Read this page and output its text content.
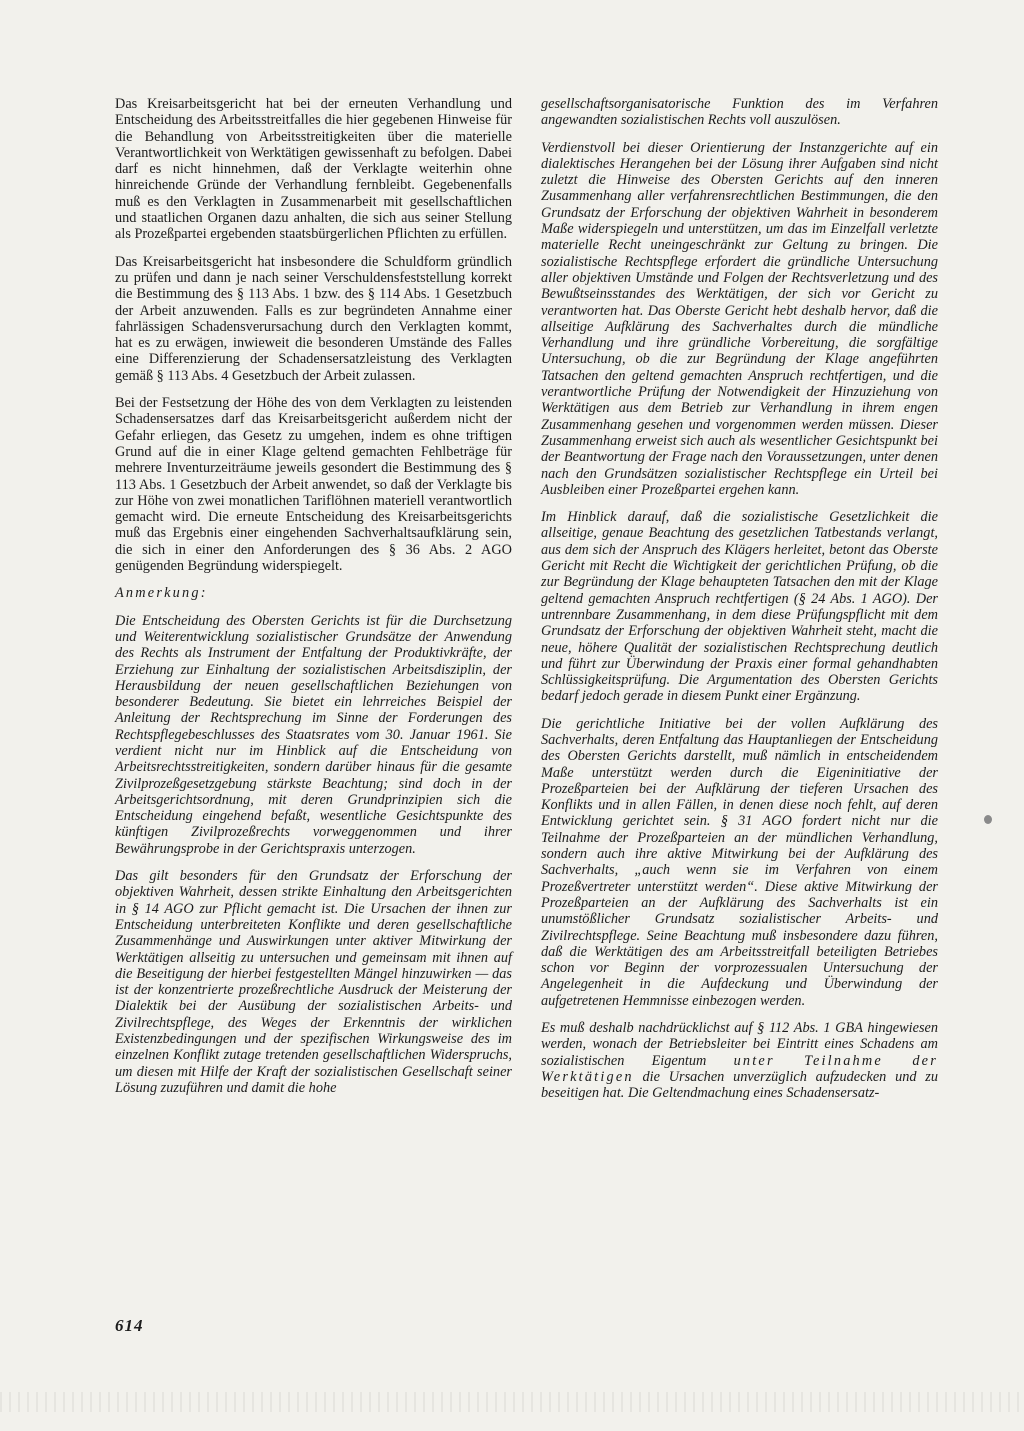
Das Kreisarbeitsgericht hat bei der erneuten Verhandlung und Entscheidung des Arbeitsstreitfalles die hier gegebenen Hinweise für die Behandlung von Arbeitsstreitigkeiten über die materielle Verantwortlichkeit von Werktätigen gewissenhaft zu befolgen. Dabei darf es nicht hinnehmen, daß der Verklagte weiterhin ohne hinreichende Gründe der Verhandlung fernbleibt. Gegebenenfalls muß es den Verklagten in Zusammenarbeit mit gesellschaftlichen und staatlichen Organen dazu anhalten, die sich aus seiner Stellung als Prozeßpartei ergebenden staatsbürgerlichen Pflichten zu erfüllen.

Das Kreisarbeitsgericht hat insbesondere die Schuldform gründlich zu prüfen und dann je nach seiner Verschuldensfeststellung korrekt die Bestimmung des § 113 Abs. 1 bzw. des § 114 Abs. 1 Gesetzbuch der Arbeit anzuwenden. Falls es zur begründeten Annahme einer fahrlässigen Schadensverursachung durch den Verklagten kommt, hat es zu erwägen, inwieweit die besonderen Umstände des Falles eine Differenzierung der Schadensersatzleistung des Verklagten gemäß § 113 Abs. 4 Gesetzbuch der Arbeit zulassen.

Bei der Festsetzung der Höhe des von dem Verklagten zu leistenden Schadensersatzes darf das Kreisarbeitsgericht außerdem nicht der Gefahr erliegen, das Gesetz zu umgehen, indem es ohne triftigen Grund auf die in einer Klage geltend gemachten Fehlbeträge für mehrere Inventurzeiträume jeweils gesondert die Bestimmung des § 113 Abs. 1 Gesetzbuch der Arbeit anwendet, so daß der Verklagte bis zur Höhe von zwei monatlichen Tariflöhnen materiell verantwortlich gemacht wird. Die erneute Entscheidung des Kreisarbeitsgerichts muß das Ergebnis einer eingehenden Sachverhaltsaufklärung sein, die sich in einer den Anforderungen des § 36 Abs. 2 AGO genügenden Begründung widerspiegelt.

Anmerkung:

Die Entscheidung des Obersten Gerichts ist für die Durchsetzung und Weiterentwicklung sozialistischer Grundsätze der Anwendung des Rechts als Instrument der Entfaltung der Produktivkräfte, der Erziehung zur Einhaltung der sozialistischen Arbeitsdisziplin, der Herausbildung der neuen gesellschaftlichen Beziehungen von besonderer Bedeutung. Sie bietet ein lehrreiches Beispiel der Anleitung der Rechtsprechung im Sinne der Forderungen des Rechtspflegebeschlusses des Staatsrates vom 30. Januar 1961. Sie verdient nicht nur im Hinblick auf die Entscheidung von Arbeitsrechtsstreitigkeiten, sondern darüber hinaus für die gesamte Zivilprozeßgesetzgebung stärkste Beachtung; sind doch in der Arbeitsgerichtsordnung, mit deren Grundprinzipien sich die Entscheidung eingehend befaßt, wesentliche Gesichtspunkte des künftigen Zivilprozeßrechts vorweggenommen und ihrer Bewährungsprobe in der Gerichtspraxis unterzogen.

Das gilt besonders für den Grundsatz der Erforschung der objektiven Wahrheit, dessen strikte Einhaltung den Arbeitsgerichten in § 14 AGO zur Pflicht gemacht ist. Die Ursachen der ihnen zur Entscheidung unterbreiteten Konflikte und deren gesellschaftliche Zusammenhänge und Auswirkungen unter aktiver Mitwirkung der Werktätigen allseitig zu untersuchen und gemeinsam mit ihnen auf die Beseitigung der hierbei festgestellten Mängel hinzuwirken — das ist der konzentrierte prozeßrechtliche Ausdruck der Meisterung der Dialektik bei der Ausübung der sozialistischen Arbeits- und Zivilrechtspflege, des Weges der Erkenntnis der wirklichen Existenzbedingungen und der spezifischen Wirkungsweise des im einzelnen Konflikt zutage tretenden gesellschaftlichen Widerspruchs, um diesen mit Hilfe der Kraft der sozialistischen Gesellschaft seiner Lösung zuzuführen und damit die hohe

gesellschaftsorganisatorische Funktion des im Verfahren angewandten sozialistischen Rechts voll auszulösen.

Verdienstvoll bei dieser Orientierung der Instanzgerichte auf ein dialektisches Herangehen bei der Lösung ihrer Aufgaben sind nicht zuletzt die Hinweise des Obersten Gerichts auf den inneren Zusammenhang aller verfahrensrechtlichen Bestimmungen, die den Grundsatz der Erforschung der objektiven Wahrheit in besonderem Maße widerspiegeln und unterstützen, um das im Einzelfall verletzte materielle Recht uneingeschränkt zur Geltung zu bringen. Die sozialistische Rechtspflege erfordert die gründliche Untersuchung aller objektiven Umstände und Folgen der Rechtsverletzung und des Bewußtseinsstandes des Werktätigen, der sich vor Gericht zu verantworten hat. Das Oberste Gericht hebt deshalb hervor, daß die allseitige Aufklärung des Sachverhaltes durch die mündliche Verhandlung und ihre gründliche Vorbereitung, die sorgfältige Untersuchung, ob die zur Begründung der Klage angeführten Tatsachen den geltend gemachten Anspruch rechtfertigen, und die verantwortliche Prüfung der Notwendigkeit der Hinzuziehung von Werktätigen aus dem Betrieb zur Verhandlung in ihrem engen Zusammenhang gesehen und vorgenommen werden müssen. Dieser Zusammenhang erweist sich auch als wesentlicher Gesichtspunkt bei der Beantwortung der Frage nach den Voraussetzungen, unter denen nach den Grundsätzen sozialistischer Rechtspflege ein Urteil bei Ausbleiben einer Prozeßpartei ergehen kann.

Im Hinblick darauf, daß die sozialistische Gesetzlichkeit die allseitige, genaue Beachtung des gesetzlichen Tatbestands verlangt, aus dem sich der Anspruch des Klägers herleitet, betont das Oberste Gericht mit Recht die Wichtigkeit der gerichtlichen Prüfung, ob die zur Begründung der Klage behaupteten Tatsachen den mit der Klage geltend gemachten Anspruch rechtfertigen (§ 24 Abs. 1 AGO). Der untrennbare Zusammenhang, in dem diese Prüfungspflicht mit dem Grundsatz der Erforschung der objektiven Wahrheit steht, macht die neue, höhere Qualität der sozialistischen Rechtsprechung deutlich und führt zur Überwindung der Praxis einer formal gehandhabten Schlüssigkeitsprüfung. Die Argumentation des Obersten Gerichts bedarf jedoch gerade in diesem Punkt einer Ergänzung.

Die gerichtliche Initiative bei der vollen Aufklärung des Sachverhalts, deren Entfaltung das Hauptanliegen der Entscheidung des Obersten Gerichts darstellt, muß nämlich in entscheidendem Maße unterstützt werden durch die Eigeninitiative der Prozeßparteien bei der Aufklärung der tieferen Ursachen des Konflikts und in allen Fällen, in denen diese noch fehlt, auf deren Entwicklung gerichtet sein. § 31 AGO fordert nicht nur die Teilnahme der Prozeßparteien an der mündlichen Verhandlung, sondern auch ihre aktive Mitwirkung bei der Aufklärung des Sachverhalts, „auch wenn sie im Verfahren von einem Prozeßvertreter unterstützt werden“. Diese aktive Mitwirkung der Prozeßparteien an der Aufklärung des Sachverhalts ist ein unumstößlicher Grundsatz sozialistischer Arbeits- und Zivilrechtspflege. Seine Beachtung muß insbesondere dazu führen, daß die Werktätigen des am Arbeitsstreitfall beteiligten Betriebes schon vor Beginn der vorprozessualen Untersuchung der Angelegenheit in die Aufdeckung und Überwindung der aufgetretenen Hemmnisse einbezogen werden.

Es muß deshalb nachdrücklichst auf § 112 Abs. 1 GBA hingewiesen werden, wonach der Betriebsleiter bei Eintritt eines Schadens am sozialistischen Eigentum unter Teilnahme der Werktätigen die Ursachen unverzüglich aufzudecken und zu beseitigen hat. Die Geltendmachung eines Schadensersatz-

614
